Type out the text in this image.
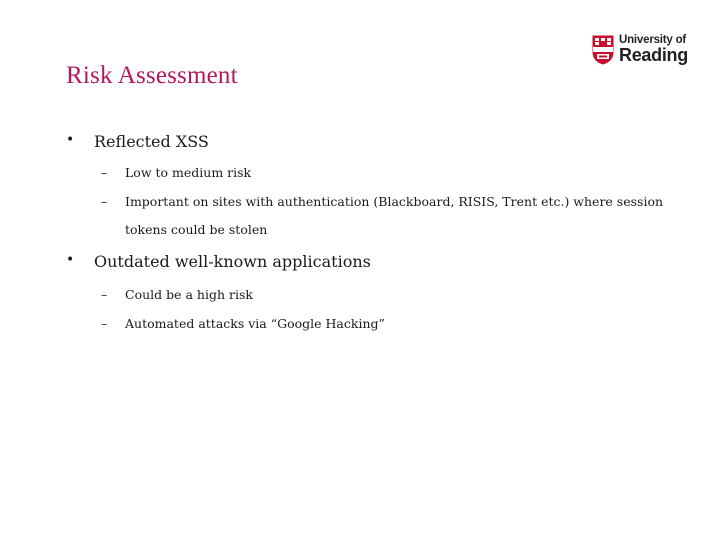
University of
Reading
Risk Assessment
• Reflected XSS
– Low to medium risk
– Important on sites with authentication (Blackboard, RISIS, Trent etc.) where session tokens could be stolen
• Outdated well-known applications
– Could be a high risk
– Automated attacks via “Google Hacking”
